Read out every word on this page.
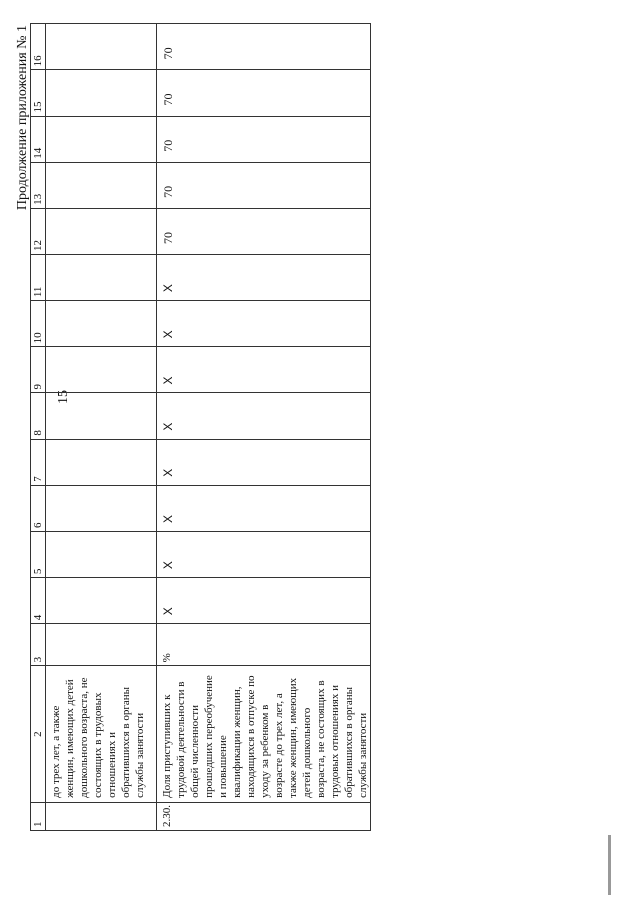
15
Продолжение приложения № 1
1	2	3	4	5	6	7	8	9	10	11	12	13	14	15	16
	до трех лет, а также женщин, имеющих детей дошкольного возраста, не состоящих в трудовых отношениях и обратившихся в органы службы занятости														
2.30.	Доля приступивших к трудовой деятельности в общей численности прошедших переобучение и повышение квалификации женщин, находящихся в отпуске по уходу за ребенком в возрасте до трех лет, а также женщин, имеющих детей дошкольного возраста, не состоящих в трудовых отношениях и обратившихся в органы службы занятости	%	X	X	X	X	X	X	X	X	70	70	70	70	70
